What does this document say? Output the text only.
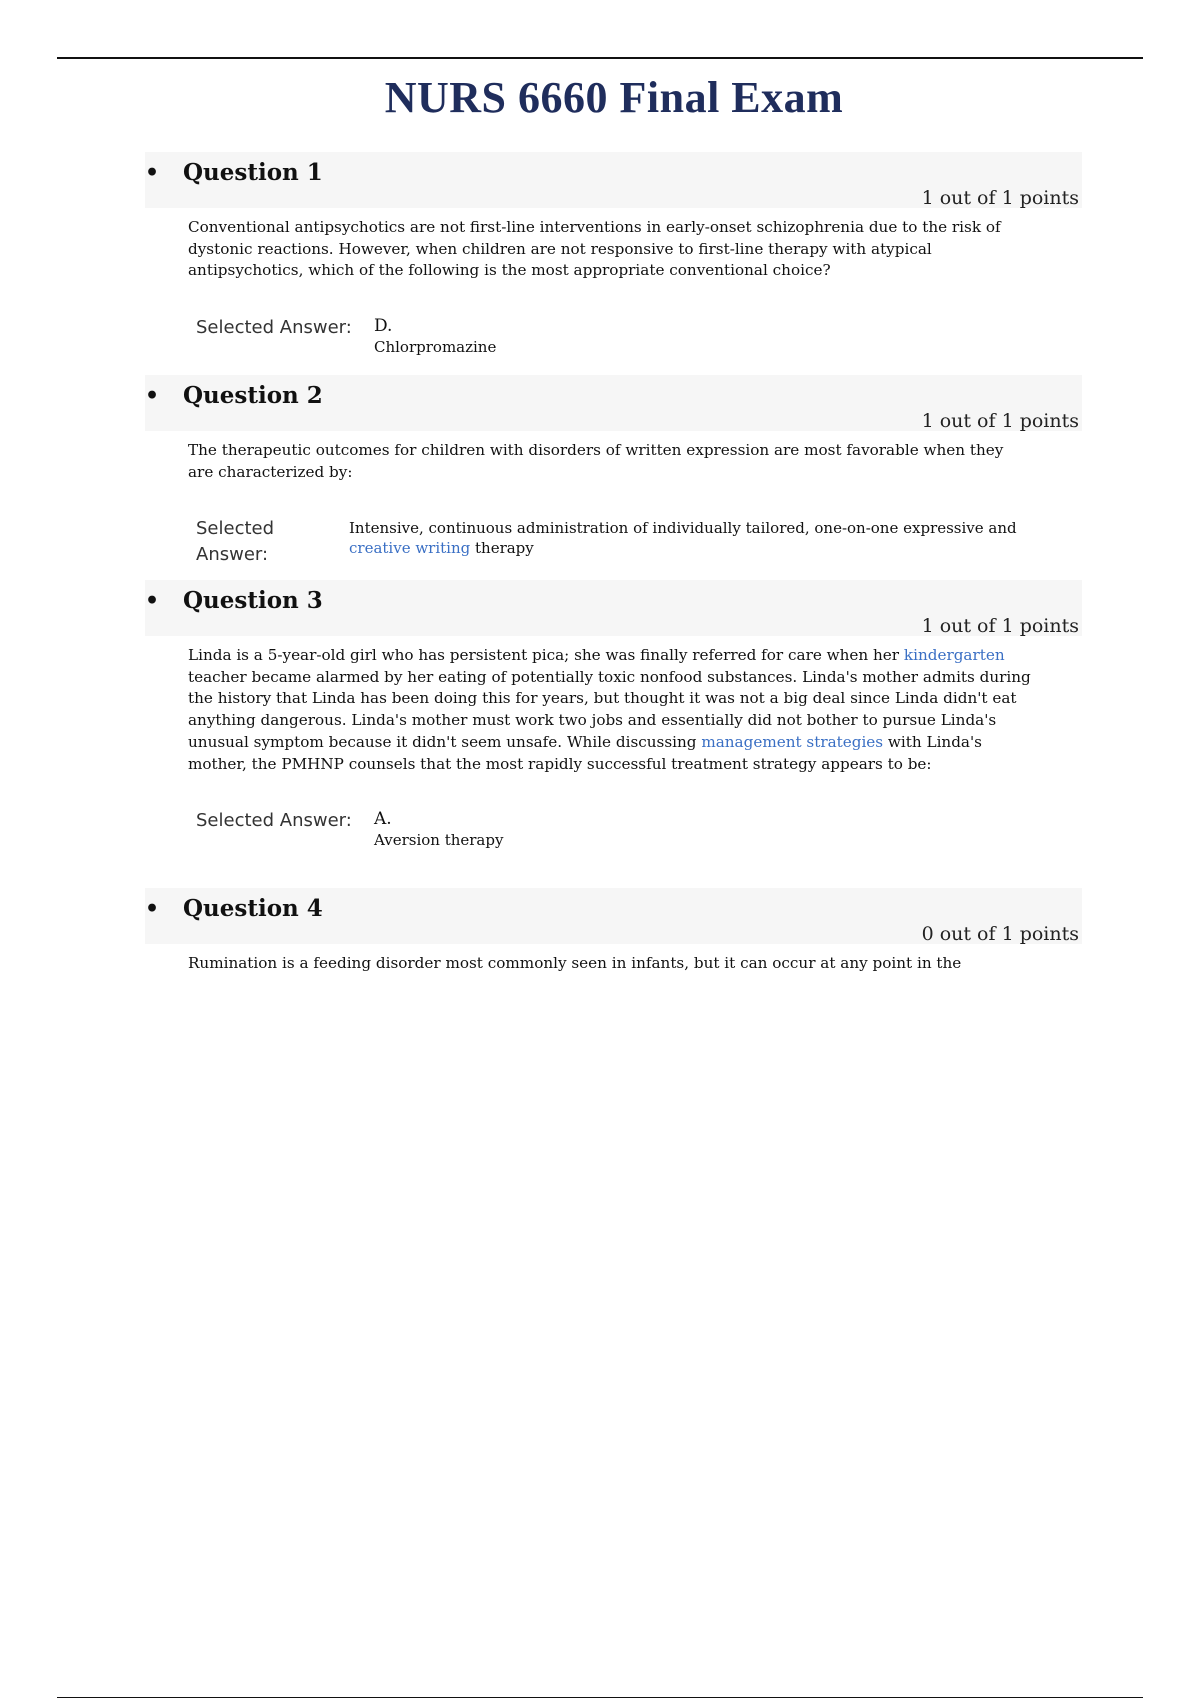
NURS 6660 Final Exam
• Question 1
1 out of 1 points

Conventional antipsychotics are not first-line interventions in early-onset schizophrenia due to the risk of dystonic reactions. However, when children are not responsive to first-line therapy with atypical antipsychotics, which of the following is the most appropriate conventional choice?

Selected Answer:	D.
Chlorpromazine
• Question 2
1 out of 1 points

The therapeutic outcomes for children with disorders of written expression are most favorable when they are characterized by:

Selected
Answer:
Intensive, continuous administration of individually tailored, one-on-one expressive and creative writing therapy
• Question 3
1 out of 1 points

Linda is a 5-year-old girl who has persistent pica; she was finally referred for care when her kindergarten teacher became alarmed by her eating of potentially toxic nonfood substances. Linda's mother admits during the history that Linda has been doing this for years, but thought it was not a big deal since Linda didn't eat anything dangerous. Linda's mother must work two jobs and essentially did not bother to pursue Linda's unusual symptom because it didn't seem unsafe. While discussing management strategies with Linda's mother, the PMHNP counsels that the most rapidly successful treatment strategy appears to be:

Selected Answer:	A.
Aversion therapy
• Question 4
0 out of 1 points

Rumination is a feeding disorder most commonly seen in infants, but it can occur at any point in the
